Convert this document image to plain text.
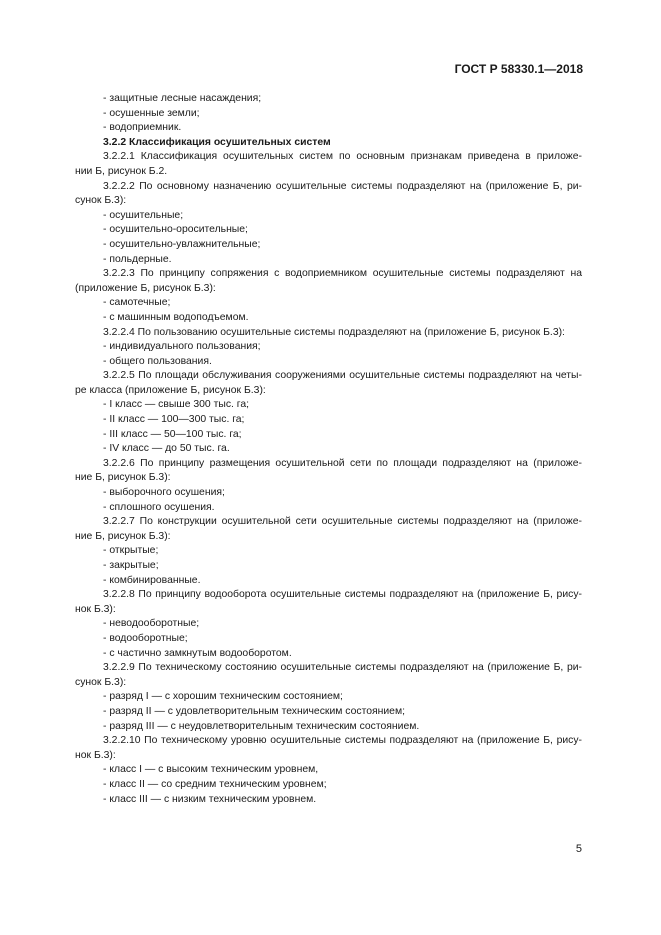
ГОСТ Р 58330.1—2018
- защитные лесные насаждения;
- осушенные земли;
- водоприемник.
3.2.2 Классификация осушительных систем
3.2.2.1 Классификация осушительных систем по основным признакам приведена в приложе-
нии Б, рисунок Б.2.
3.2.2.2 По основному назначению осушительные системы подразделяют на (приложение Б, ри-
сунок Б.3):
- осушительные;
- осушительно-оросительные;
- осушительно-увлажнительные;
- польдерные.
3.2.2.3 По принципу сопряжения с водоприемником осушительные системы подразделяют на
(приложение Б, рисунок Б.3):
- самотечные;
- с машинным водоподъемом.
3.2.2.4 По пользованию осушительные системы подразделяют на (приложение Б, рисунок Б.3):
- индивидуального пользования;
- общего пользования.
3.2.2.5 По площади обслуживания сооружениями осушительные системы подразделяют на четы-
ре класса (приложение Б, рисунок Б.3):
- I класс — свыше 300 тыс. га;
- II класс — 100—300 тыс. га;
- III класс — 50—100 тыс. га;
- IV класс — до 50 тыс. га.
3.2.2.6 По принципу размещения осушительной сети по площади подразделяют на (приложе-
ние Б, рисунок Б.3):
- выборочного осушения;
- сплошного осушения.
3.2.2.7 По конструкции осушительной сети осушительные системы подразделяют на (приложе-
ние Б, рисунок Б.3):
- открытые;
- закрытые;
- комбинированные.
3.2.2.8 По принципу водооборота осушительные системы подразделяют на (приложение Б, рису-
нок Б.3):
- неводооборотные;
- водооборотные;
- с частично замкнутым водооборотом.
3.2.2.9 По техническому состоянию осушительные системы подразделяют на (приложение Б, ри-
сунок Б.3):
- разряд I — с хорошим техническим состоянием;
- разряд II — с удовлетворительным техническим состоянием;
- разряд III — с неудовлетворительным техническим состоянием.
3.2.2.10 По техническому уровню осушительные системы подразделяют на (приложение Б, рису-
нок Б.3):
- класс I — с высоким техническим уровнем,
- класс II — со средним техническим уровнем;
- класс III — с низким техническим уровнем.
5
